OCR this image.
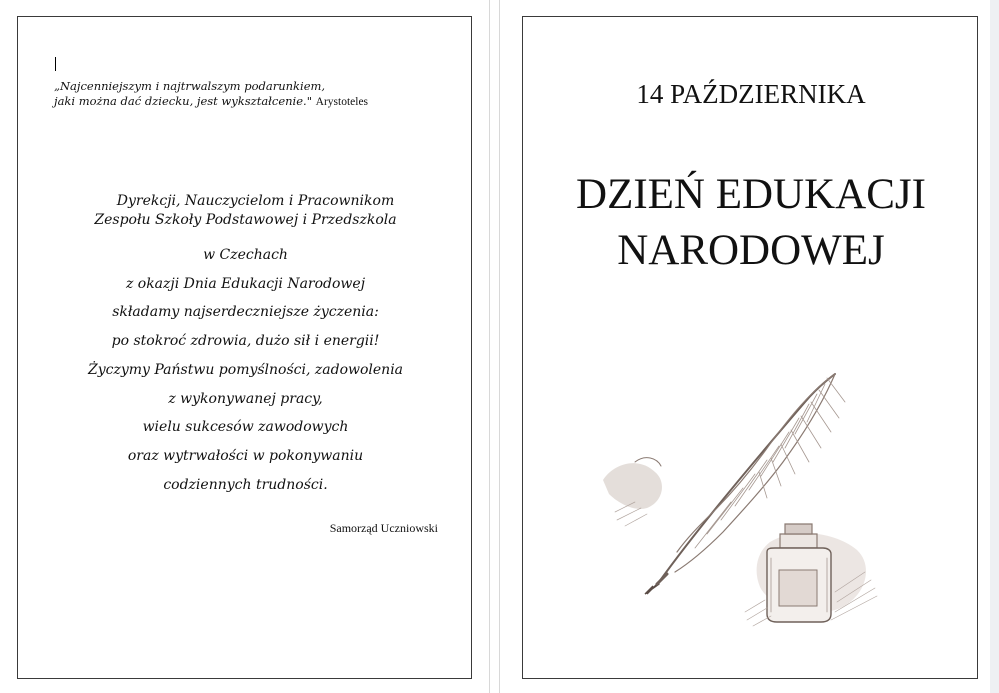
„Najcenniejszym i najtrwalszym podarunkiem,
jaki można dać dziecku, jest wykształcenie." Arystoteles
Dyrekcji, Nauczycielom i Pracownikom
Zespołu Szkoły Podstawowej i Przedszkola
w Czechach
z okazji Dnia Edukacji Narodowej
składamy najserdeczniejsze życzenia:
po stokroć zdrowia, dużo sił i energii!
Życzymy Państwu pomyślności, zadowolenia
z wykonywanej pracy,
wielu sukcesów zawodowych
oraz wytrwałości w pokonywaniu
codziennych trudności.
Samorząd Uczniowski
14 PAŹDZIERNIKA
DZIEŃ EDUKACJI
NARODOWEJ
